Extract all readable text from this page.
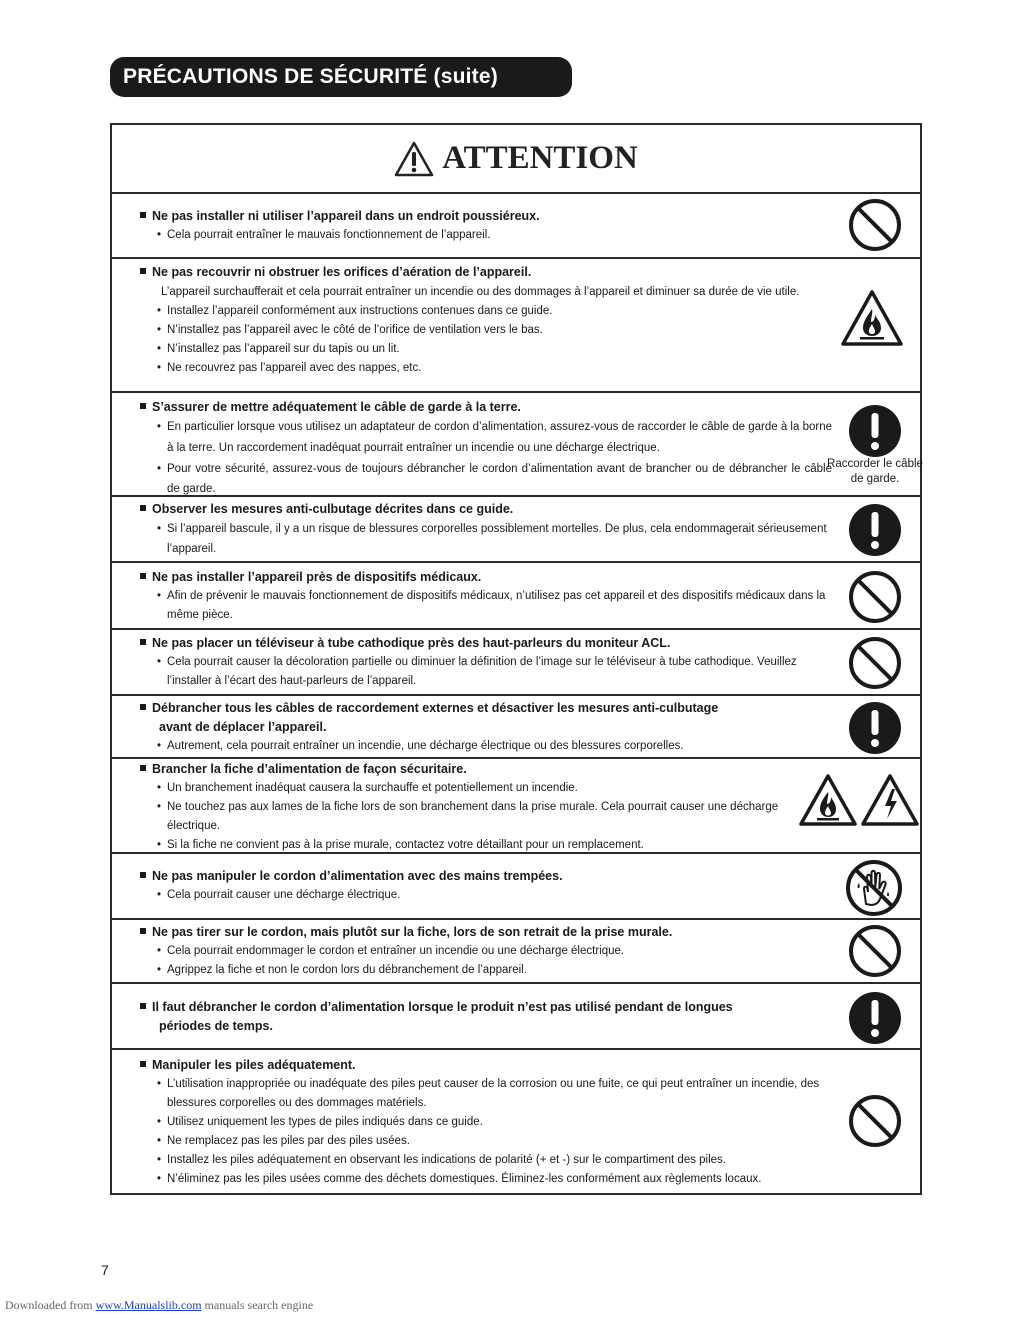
PRÉCAUTIONS DE SÉCURITÉ (suite)
ATTENTION
Ne pas installer ni utiliser l’appareil dans un endroit poussiéreux.
• Cela pourrait entraîner le mauvais fonctionnement de l’appareil.
Ne pas recouvrir ni obstruer les orifices d’aération de l’appareil.
L’appareil surchaufferait et cela pourrait entraîner un incendie ou des dommages à l’appareil et diminuer sa durée de vie utile.
• Installez l’appareil conformément aux instructions contenues dans ce guide.
• N’installez pas l’appareil avec le côté de l’orifice de ventilation vers le bas.
• N’installez pas l’appareil sur du tapis ou un lit.
• Ne recouvrez pas l’appareil avec des nappes, etc.
S’assurer de mettre adéquatement le câble de garde à la terre.
• En particulier lorsque vous utilisez un adaptateur de cordon d’alimentation, assurez-vous de raccorder le câble de garde à la borne à la terre. Un raccordement inadéquat pourrait entraîner un incendie ou une décharge électrique.
• Pour votre sécurité, assurez-vous de toujours débrancher le cordon d’alimentation avant de brancher ou de débrancher le câble de garde.
Raccorder le câble de garde.
Observer les mesures anti-culbutage décrites dans ce guide.
• Si l’appareil bascule, il y a un risque de blessures corporelles possiblement mortelles. De plus, cela endommagerait sérieusement l’appareil.
Ne pas installer l’appareil près de dispositifs médicaux.
• Afin de prévenir le mauvais fonctionnement de dispositifs médicaux, n’utilisez pas cet appareil et des dispositifs médicaux dans la même pièce.
Ne pas placer un téléviseur à tube cathodique près des haut-parleurs du moniteur ACL.
• Cela pourrait causer la décoloration partielle ou diminuer la définition de l’image sur le téléviseur à tube cathodique. Veuillez l’installer à l’écart des haut-parleurs de l’appareil.
Débrancher tous les câbles de raccordement externes et désactiver les mesures anti-culbutage
avant de déplacer l’appareil.
• Autrement, cela pourrait entraîner un incendie, une décharge électrique ou des blessures corporelles.
Brancher la fiche d’alimentation de façon sécuritaire.
• Un branchement inadéquat causera la surchauffe et potentiellement un incendie.
• Ne touchez pas aux lames de la fiche lors de son branchement dans la prise murale. Cela pourrait causer une décharge électrique.
• Si la fiche ne convient pas à la prise murale, contactez votre détaillant pour un remplacement.
Ne pas manipuler le cordon d’alimentation avec des mains trempées.
• Cela pourrait causer une décharge électrique.
Ne pas tirer sur le cordon, mais plutôt sur la fiche, lors de son retrait de la prise murale.
• Cela pourrait endommager le cordon et entraîner un incendie ou une décharge électrique.
• Agrippez la fiche et non le cordon lors du débranchement de l’appareil.
Il faut débrancher le cordon d’alimentation lorsque le produit n’est pas utilisé pendant de longues
périodes de temps.
Manipuler les piles adéquatement.
• L’utilisation inappropriée ou inadéquate des piles peut causer de la corrosion ou une fuite, ce qui peut entraîner un incendie, des blessures corporelles ou des dommages matériels.
• Utilisez uniquement les types de piles indiqués dans ce guide.
• Ne remplacez pas les piles par des piles usées.
• Installez les piles adéquatement en observant les indications de polarité (+ et -) sur le compartiment des piles.
• N’éliminez pas les piles usées comme des déchets domestiques. Éliminez-les conformément aux règlements locaux.
7
Downloaded from www.Manualslib.com manuals search engine
